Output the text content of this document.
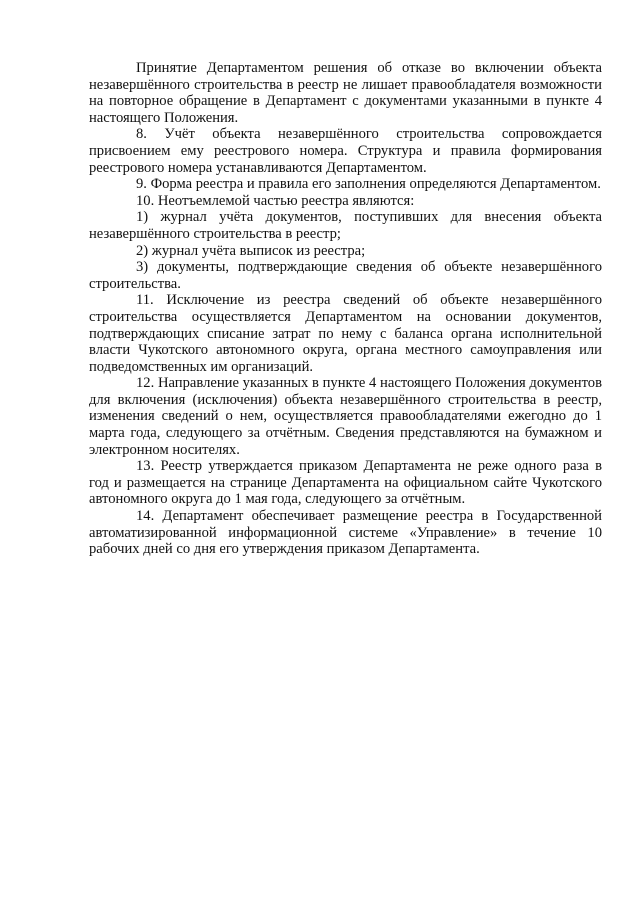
Принятие Департаментом решения об отказе во включении объекта незавершённого строительства в реестр не лишает правообладателя возможности на повторное обращение в Департамент с документами указанными в пункте 4 настоящего Положения.

8. Учёт объекта незавершённого строительства сопровождается присвоением ему реестрового номера. Структура и правила формирования реестрового номера устанавливаются Департаментом.

9. Форма реестра и правила его заполнения определяются Департаментом.

10. Неотъемлемой частью реестра являются:

1) журнал учёта документов, поступивших для внесения объекта незавершённого строительства в реестр;

2) журнал учёта выписок из реестра;

3) документы, подтверждающие сведения об объекте незавершённого строительства.

11. Исключение из реестра сведений об объекте незавершённого строительства осуществляется Департаментом на основании документов, подтверждающих списание затрат по нему с баланса органа исполнительной власти Чукотского автономного округа, органа местного самоуправления или подведомственных им организаций.

12. Направление указанных в пункте 4 настоящего Положения документов для включения (исключения) объекта незавершённого строительства в реестр, изменения сведений о нем, осуществляется правообладателями ежегодно до 1 марта года, следующего за отчётным. Сведения представляются на бумажном и электронном носителях.

13. Реестр утверждается приказом Департамента не реже одного раза в год и размещается на странице Департамента на официальном сайте Чукотского автономного округа до 1 мая года, следующего за отчётным.

14. Департамент обеспечивает размещение реестра в Государственной автоматизированной информационной системе «Управление» в течение 10 рабочих дней со дня его утверждения приказом Департамента.
